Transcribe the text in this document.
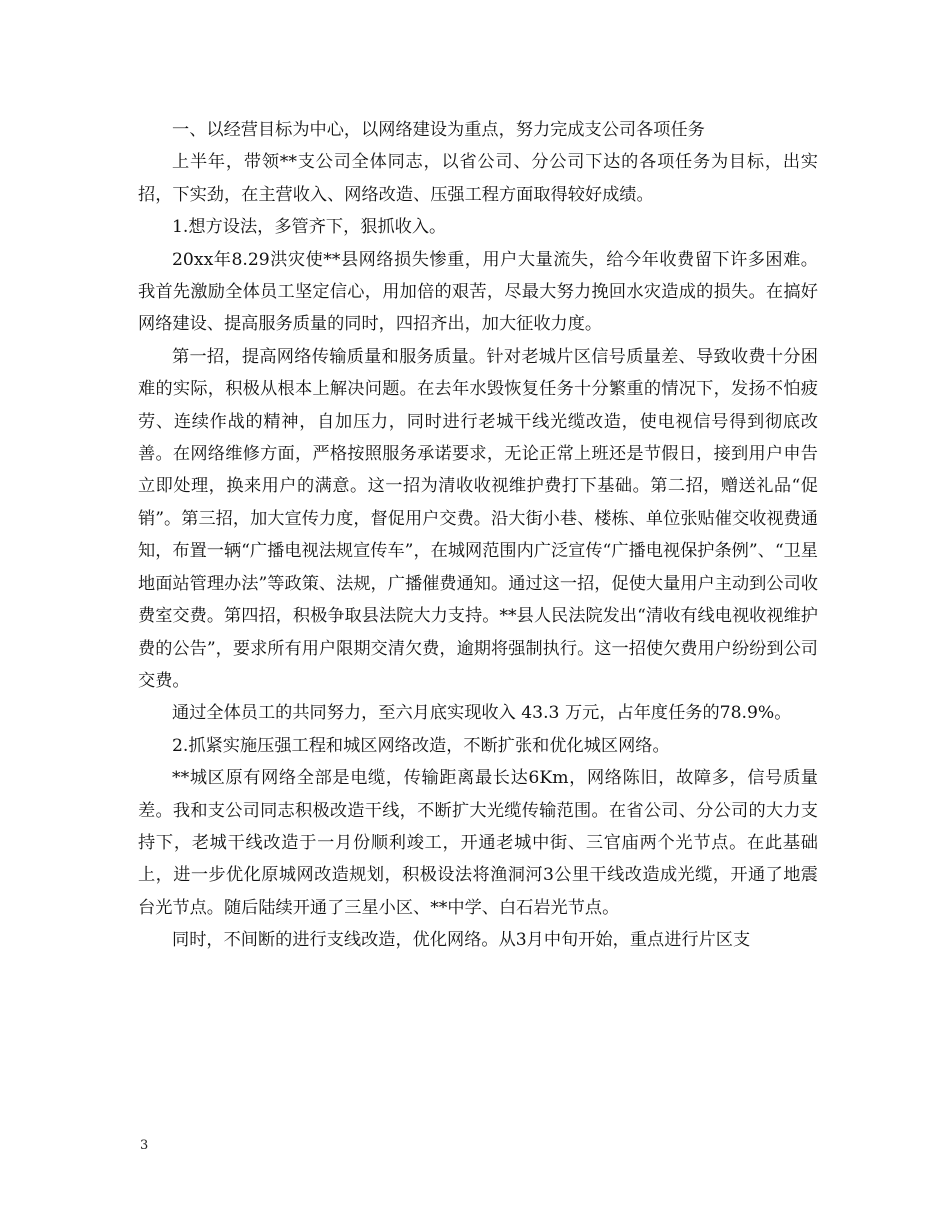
一、以经营目标为中心，以网络建设为重点，努力完成支公司各项任务

上半年，带领**支公司全体同志，以省公司、分公司下达的各项任务为目标，出实招，下实劲，在主营收入、网络改造、压强工程方面取得较好成绩。

1.想方设法，多管齐下，狠抓收入。

20xx年8.29洪灾使**县网络损失惨重，用户大量流失，给今年收费留下许多困难。我首先激励全体员工坚定信心，用加倍的艰苦，尽最大努力挽回水灾造成的损失。在搞好网络建设、提高服务质量的同时，四招齐出，加大征收力度。

第一招，提高网络传输质量和服务质量。针对老城片区信号质量差、导致收费十分困难的实际，积极从根本上解决问题。在去年水毁恢复任务十分繁重的情况下，发扬不怕疲劳、连续作战的精神，自加压力，同时进行老城干线光缆改造，使电视信号得到彻底改善。在网络维修方面，严格按照服务承诺要求，无论正常上班还是节假日，接到用户申告立即处理，换来用户的满意。这一招为清收收视维护费打下基础。第二招，赠送礼品“促销”。第三招，加大宣传力度，督促用户交费。沿大街小巷、楼栋、单位张贴催交收视费通知，布置一辆“广播电视法规宣传车”，在城网范围内广泛宣传“广播电视保护条例”、“卫星地面站管理办法”等政策、法规，广播催费通知。通过这一招，促使大量用户主动到公司收费室交费。第四招，积极争取县法院大力支持。**县人民法院发出“清收有线电视收视维护费的公告”，要求所有用户限期交清欠费，逾期将强制执行。这一招使欠费用户纷纷到公司交费。

通过全体员工的共同努力，至六月底实现收入 43.3 万元，占年度任务的78.9%。

2.抓紧实施压强工程和城区网络改造，不断扩张和优化城区网络。

**城区原有网络全部是电缆，传输距离最长达6Km，网络陈旧，故障多，信号质量差。我和支公司同志积极改造干线，不断扩大光缆传输范围。在省公司、分公司的大力支持下，老城干线改造于一月份顺利竣工，开通老城中街、三官庙两个光节点。在此基础上，进一步优化原城网改造规划，积极设法将渔洞河3公里干线改造成光缆，开通了地震台光节点。随后陆续开通了三星小区、**中学、白石岩光节点。

同时，不间断的进行支线改造，优化网络。从3月中旬开始，重点进行片区支

3
